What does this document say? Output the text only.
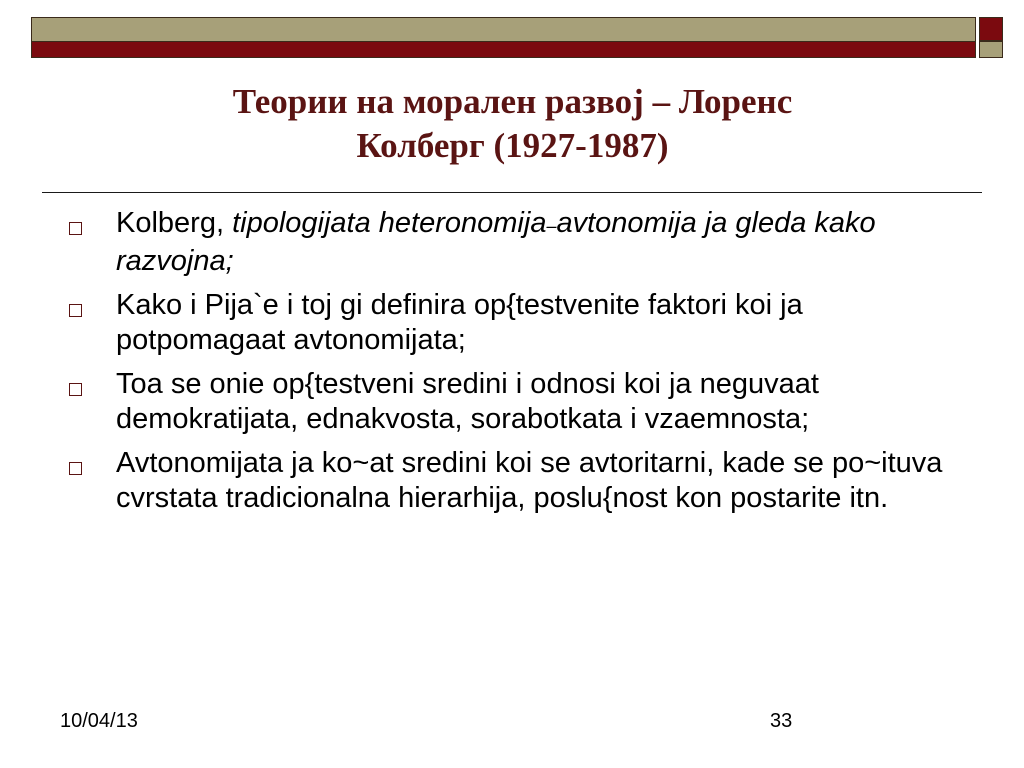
Теории на морален развој – Лоренс
Колберг (1927-1987)
Kolberg, tipologijata heteronomija–avtonomija ja gleda kako razvojna;
Kako i Pija`e i toj gi definira op{testvenite faktori koi ja potpomagaat avtonomijata;
Toa se onie op{testveni sredini i odnosi koi ja neguvaat demokratijata, ednakvosta, sorabotkata i vzaemnosta;
Avtonomijata ja ko~at sredini koi se avtoritarni, kade se po~ituva cvrstata tradicionalna hierarhija, poslu{nost kon postarite itn.
10/04/13	33
